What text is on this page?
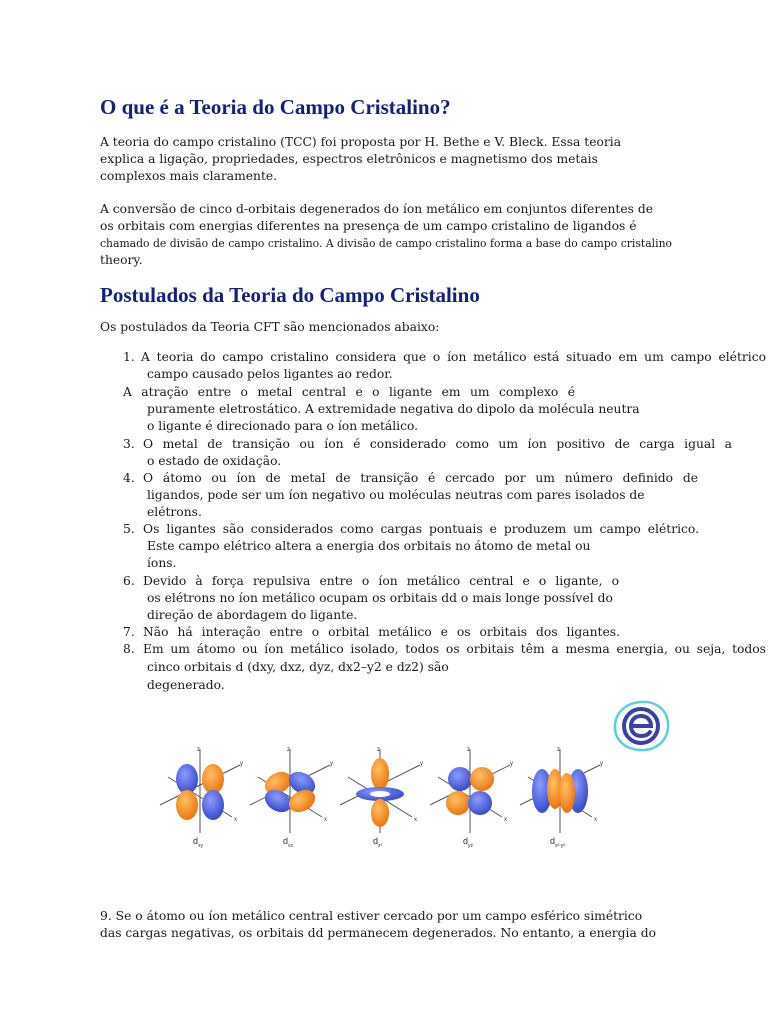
O que é a Teoria do Campo Cristalino?
A teoria do campo cristalino (TCC) foi proposta por H. Bethe e V. Bleck. Essa teoria
explica a ligação, propriedades, espectros eletrônicos e magnetismo dos metais
complexos mais claramente.
A conversão de cinco d-orbitais degenerados do íon metálico em conjuntos diferentes de
os orbitais com energias diferentes na presença de um campo cristalino de ligandos é
chamado de divisão de campo cristalino. A divisão de campo cristalino forma a base do campo cristalino
theory.
Postulados da Teoria do Campo Cristalino

Os postulados da Teoria CFT são mencionados abaixo:

1. A teoria do campo cristalino considera que o íon metálico está situado em um campo elétrico
campo causado pelos ligantes ao redor.
A atração entre o metal central e o ligante em um complexo é
puramente eletrostático. A extremidade negativa do dipolo da molécula neutra
o ligante é direcionado para o íon metálico.
3. O metal de transição ou íon é considerado como um íon positivo de carga igual a
o estado de oxidação.
4. O átomo ou íon de metal de transição é cercado por um número definido de
ligandos, pode ser um íon negativo ou moléculas neutras com pares isolados de
elétrons.
5. Os ligantes são considerados como cargas pontuais e produzem um campo elétrico.
Este campo elétrico altera a energia dos orbitais no átomo de metal ou
íons.
6. Devido à força repulsiva entre o íon metálico central e o ligante, o
os elétrons no íon metálico ocupam os orbitais dd o mais longe possível do
direção de abordagem do ligante.
7. Não há interação entre o orbital metálico e os orbitais dos ligantes.
8. Em um átomo ou íon metálico isolado, todos os orbitais têm a mesma energia, ou seja, todos
cinco orbitais d (dxy, dxz, dyz, dx2–y2 e dz2) são
degenerado.
z
y
x
$d_{xy}$
z
y
x
$d_{xz}$
z
y
x
$d_{z^2}$
z
y
x
$d_{yz}$
z
y
x
$d_{x^2-y^2}$
9. Se o átomo ou íon metálico central estiver cercado por um campo esférico simétrico
das cargas negativas, os orbitais dd permanecem degenerados. No entanto, a energia do
